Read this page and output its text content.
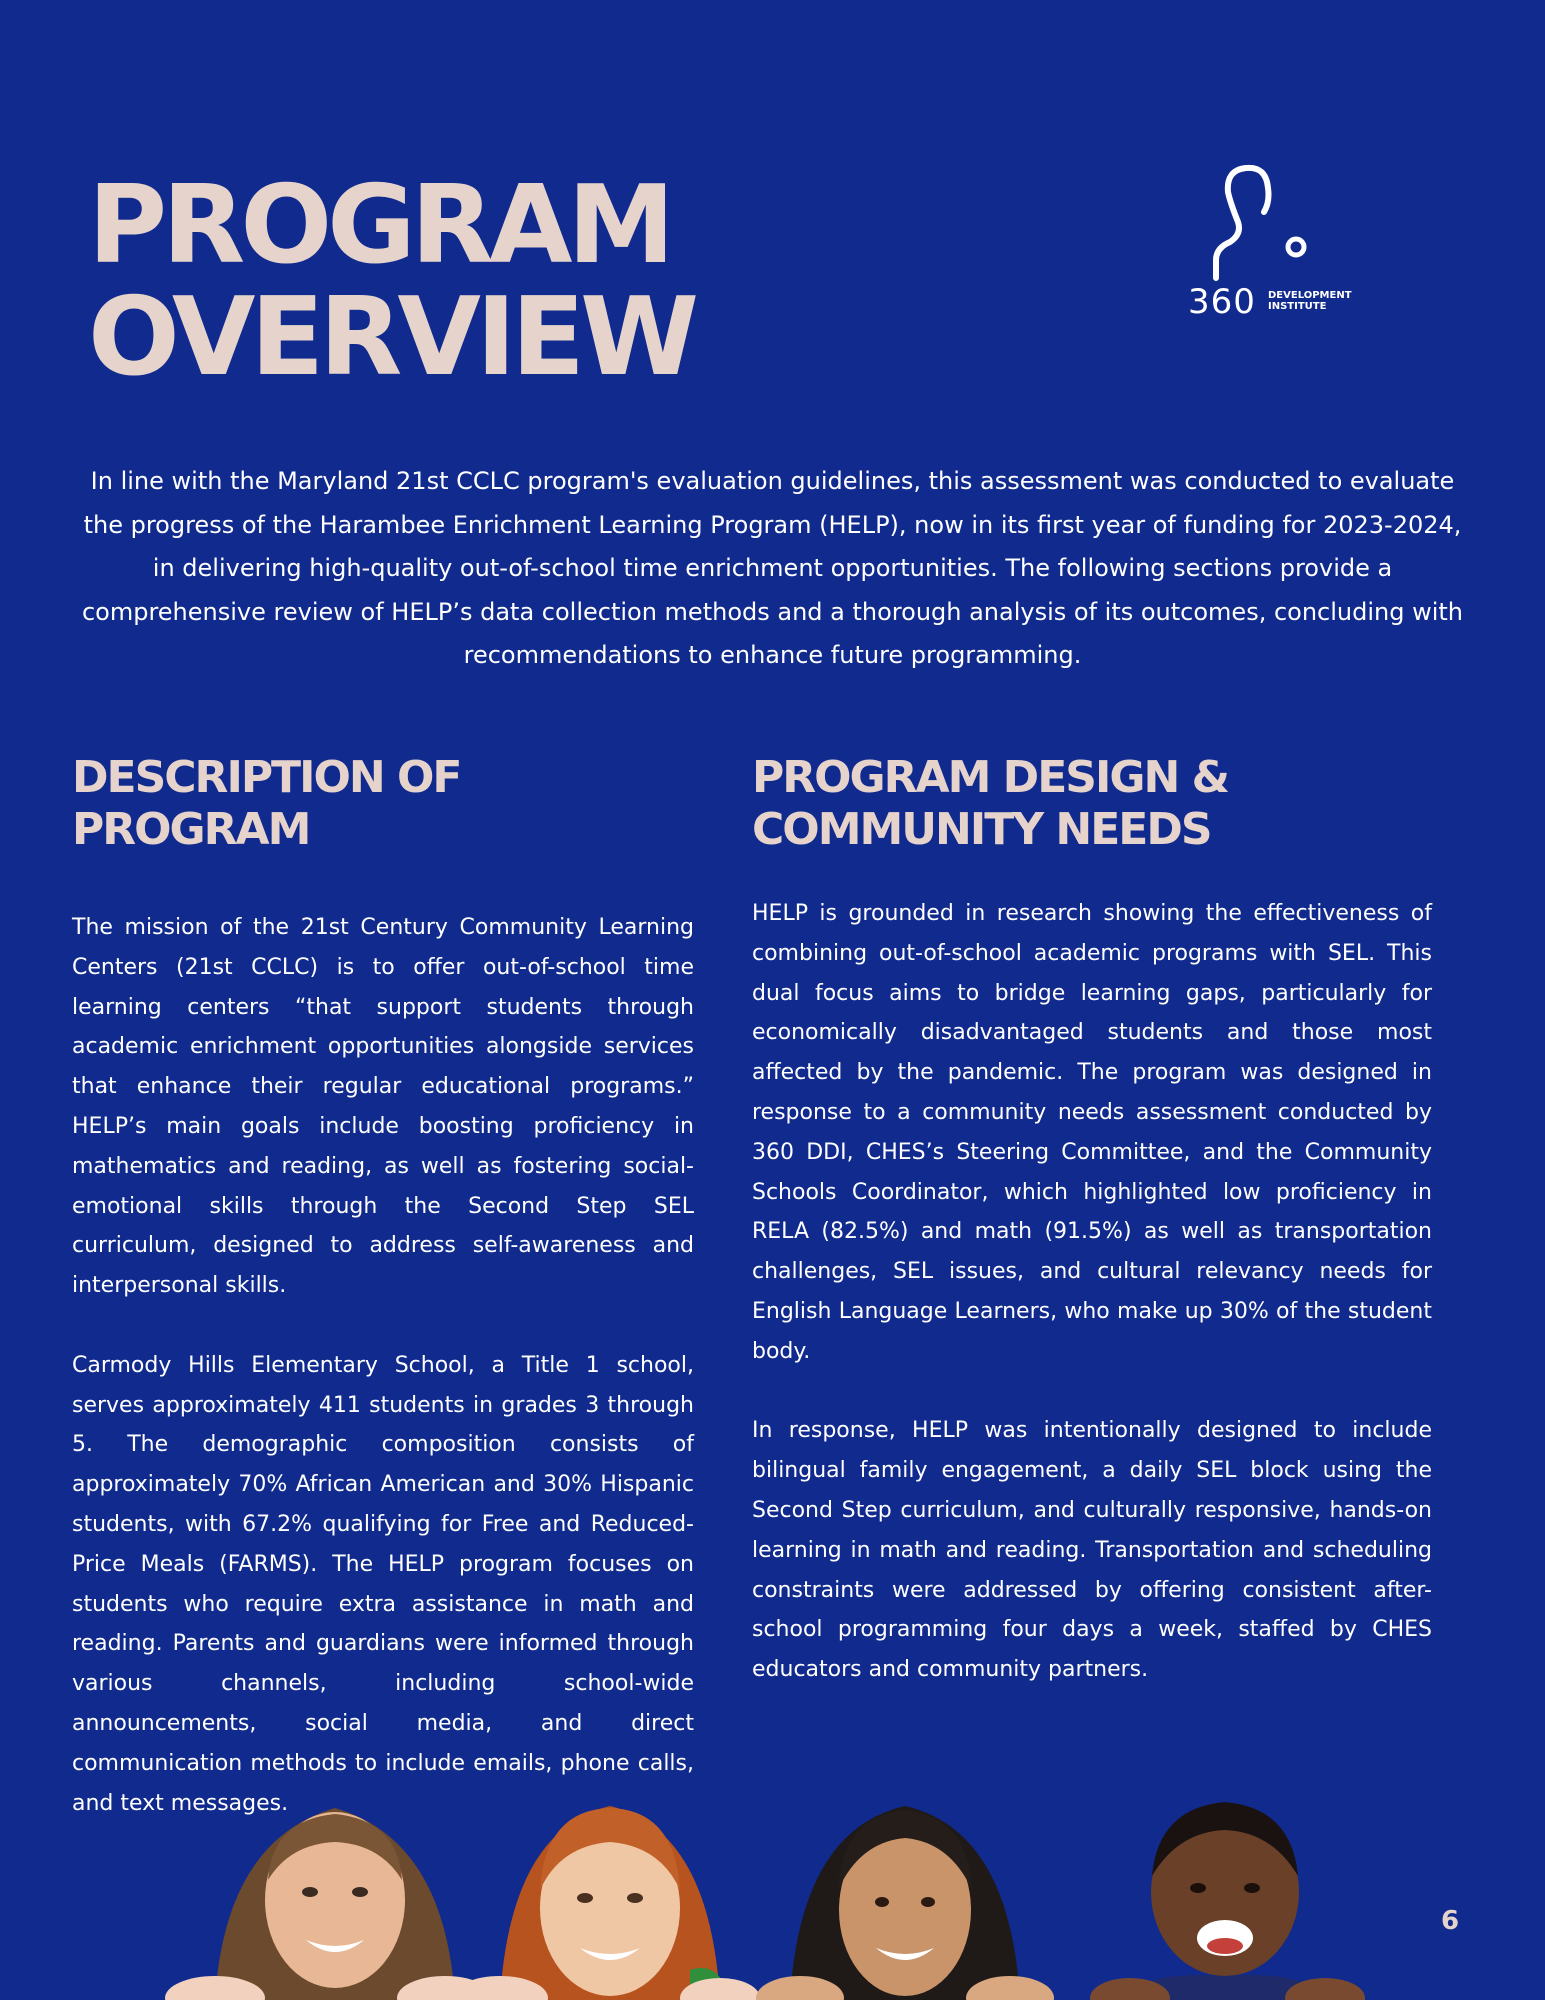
PROGRAM
OVERVIEW	360 DEVELOPMENT
INSTITUTE

In line with the Maryland 21st CCLC program's evaluation guidelines, this assessment was conducted to evaluate the progress of the Harambee Enrichment Learning Program (HELP), now in its first year of funding for 2023-2024, in delivering high-quality out-of-school time enrichment opportunities. The following sections provide a comprehensive review of HELP’s data collection methods and a thorough analysis of its outcomes, concluding with recommendations to enhance future programming.

DESCRIPTION OF PROGRAM

The mission of the 21st Century Community Learning Centers (21st CCLC) is to offer out-of-school time learning centers “that support students through academic enrichment opportunities alongside services that enhance their regular educational programs.” HELP’s main goals include boosting proficiency in mathematics and reading, as well as fostering social-emotional skills through the Second Step SEL curriculum, designed to address self-awareness and interpersonal skills.

Carmody Hills Elementary School, a Title 1 school, serves approximately 411 students in grades 3 through 5. The demographic composition consists of approximately 70% African American and 30% Hispanic students, with 67.2% qualifying for Free and Reduced-Price Meals (FARMS). The HELP program focuses on students who require extra assistance in math and reading. Parents and guardians were informed through various channels, including school-wide announcements, social media, and direct communication methods to include emails, phone calls, and text messages.

PROGRAM DESIGN &
COMMUNITY NEEDS

HELP is grounded in research showing the effectiveness of combining out-of-school academic programs with SEL. This dual focus aims to bridge learning gaps, particularly for economically disadvantaged students and those most affected by the pandemic. The program was designed in response to a community needs assessment conducted by 360 DDI, CHES’s Steering Committee, and the Community Schools Coordinator, which highlighted low proficiency in RELA (82.5%) and math (91.5%) as well as transportation challenges, SEL issues, and cultural relevancy needs for English Language Learners, who make up 30% of the student body.

In response, HELP was intentionally designed to include bilingual family engagement, a daily SEL block using the Second Step curriculum, and culturally responsive, hands-on learning in math and reading. Transportation and scheduling constraints were addressed by offering consistent after-school programming four days a week, staffed by CHES educators and community partners.

6
